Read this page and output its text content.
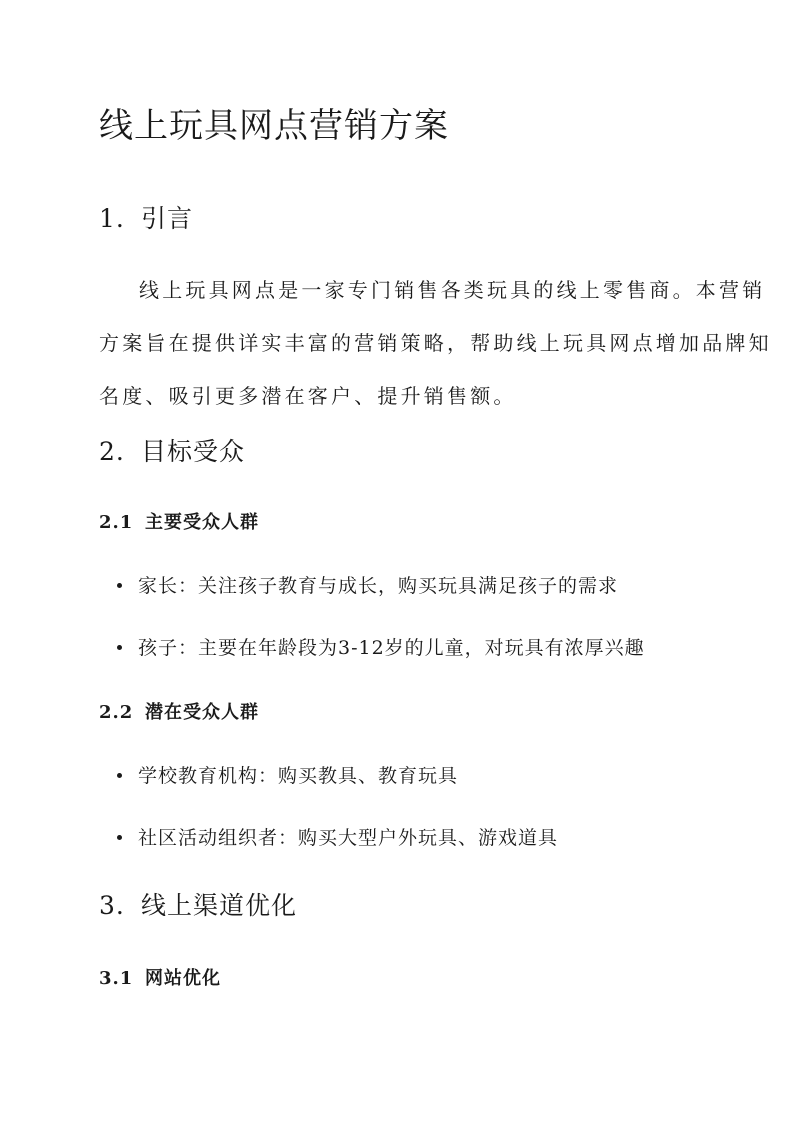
线上玩具网点营销方案
1. 引言
线上玩具网点是一家专门销售各类玩具的线上零售商。本营销
方案旨在提供详实丰富的营销策略，帮助线上玩具网点增加品牌知
名度、吸引更多潜在客户、提升销售额。
2. 目标受众
2.1 主要受众人群
家长：关注孩子教育与成长，购买玩具满足孩子的需求
孩子：主要在年龄段为3-12岁的儿童，对玩具有浓厚兴趣
2.2 潜在受众人群
学校教育机构：购买教具、教育玩具
社区活动组织者：购买大型户外玩具、游戏道具
3. 线上渠道优化
3.1 网站优化
